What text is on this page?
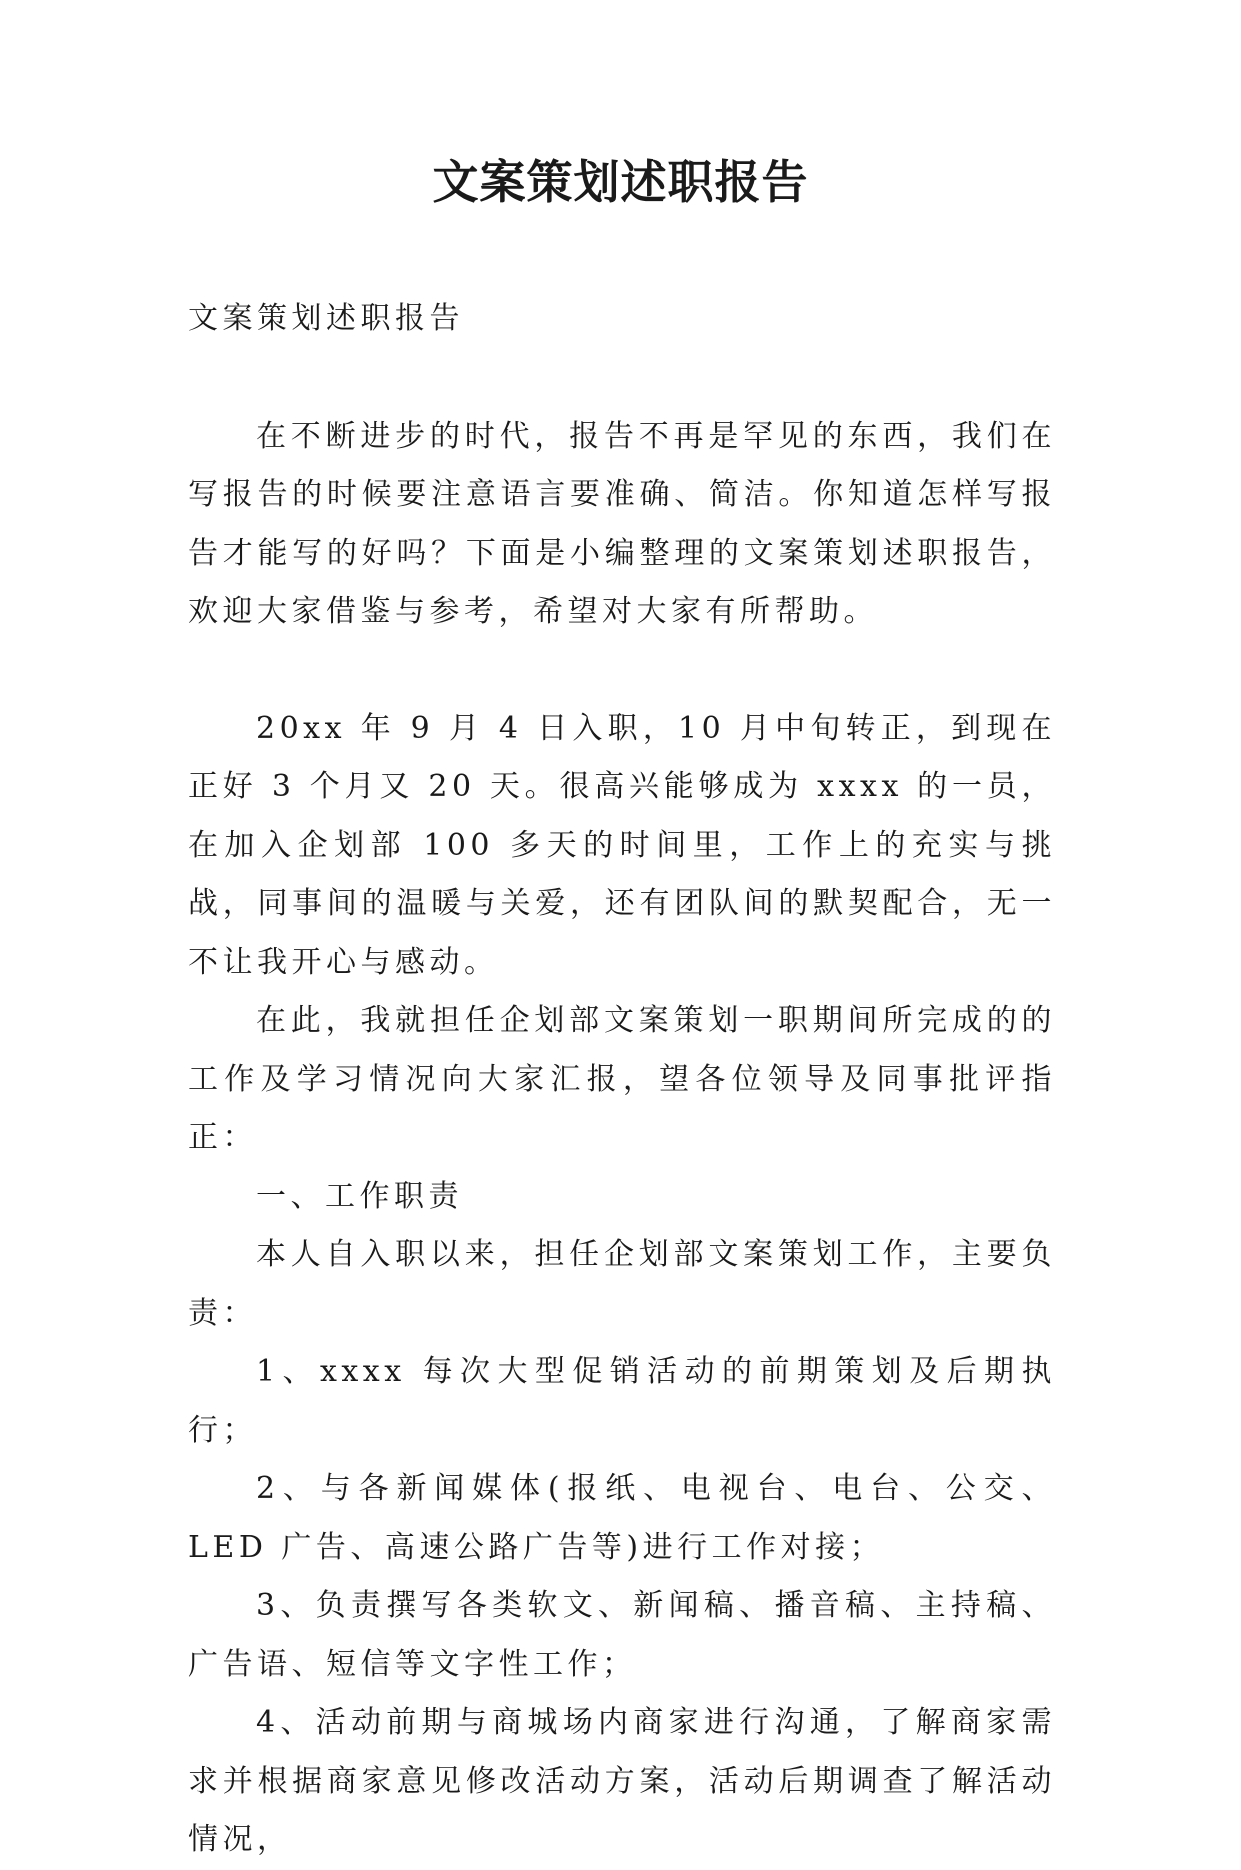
文案策划述职报告

文案策划述职报告

在不断进步的时代，报告不再是罕见的东西，我们在写报告的时候要注意语言要准确、简洁。你知道怎样写报告才能写的好吗？下面是小编整理的文案策划述职报告，欢迎大家借鉴与参考，希望对大家有所帮助。

20xx 年 9 月 4 日入职，10 月中旬转正，到现在正好 3 个月又 20 天。很高兴能够成为 xxxx 的一员，在加入企划部 100 多天的时间里，工作上的充实与挑战，同事间的温暖与关爱，还有团队间的默契配合，无一不让我开心与感动。

在此，我就担任企划部文案策划一职期间所完成的的工作及学习情况向大家汇报，望各位领导及同事批评指正：

一、工作职责

本人自入职以来，担任企划部文案策划工作，主要负责：

1、xxxx 每次大型促销活动的前期策划及后期执行；

2、与各新闻媒体(报纸、电视台、电台、公交、LED 广告、高速公路广告等)进行工作对接；

3、负责撰写各类软文、新闻稿、播音稿、主持稿、广告语、短信等文字性工作；

4、活动前期与商城场内商家进行沟通，了解商家需求并根据商家意见修改活动方案，活动后期调查了解活动情况，
